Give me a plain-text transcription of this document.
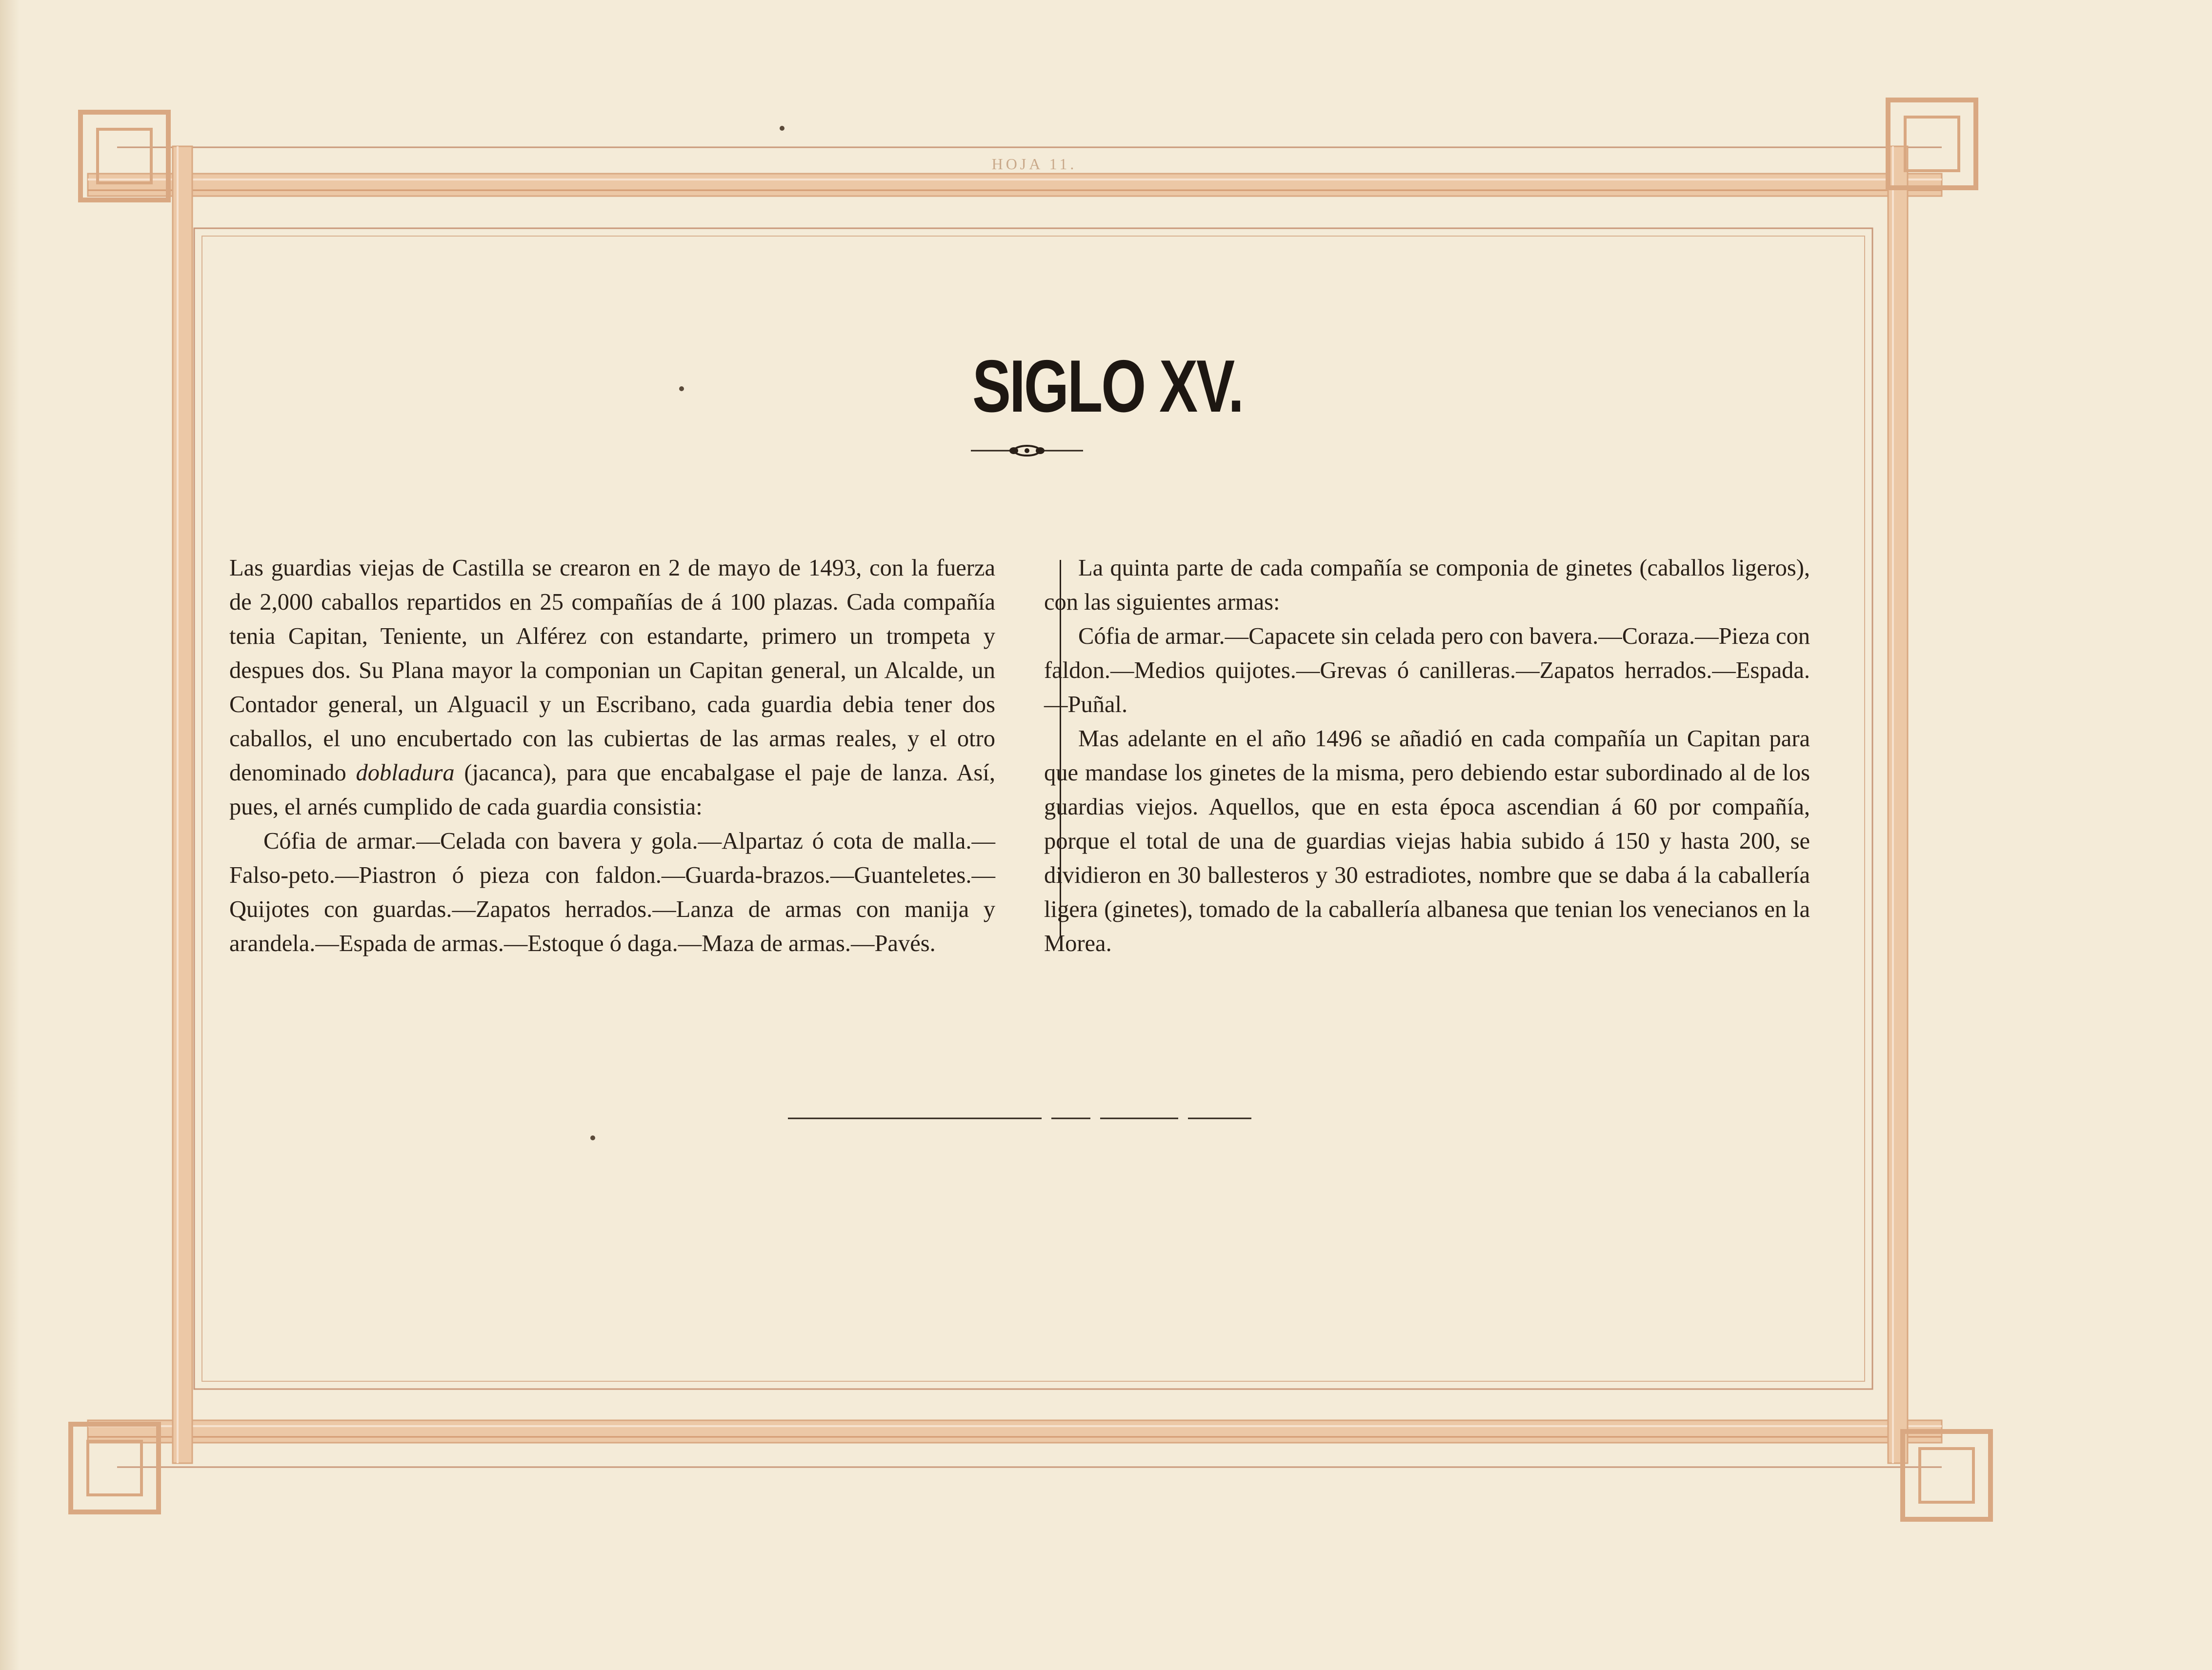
HOJA 11.
SIGLO XV.

Las guardias viejas de Castilla se crearon en 2 de mayo de 1493, con la fuerza de 2,000 caballos repartidos en 25 compañías de á 100 plazas. Cada compañía tenia Capitan, Teniente, un Alférez con estandarte, primero un trompeta y despues dos. Su Plana mayor la componian un Capitan general, un Alcalde, un Contador general, un Alguacil y un Escribano, cada guardia debia tener dos caballos, el uno encubertado con las cubiertas de las armas reales, y el otro denominado dobladura (jacanca), para que encabalgase el paje de lanza. Así, pues, el arnés cumplido de cada guardia consistia:

Cófia de armar.—Celada con bavera y gola.—Alpartaz ó cota de malla.—Falso-peto.—Piastron ó pieza con faldon.—Guarda-brazos.—Guanteletes.—Quijotes con guardas.—Zapatos herrados.—Lanza de armas con manija y arandela.—Espada de armas.—Estoque ó daga.—Maza de armas.—Pavés.

La quinta parte de cada compañía se componia de ginetes (caballos ligeros), con las siguientes armas:

Cófia de armar.—Capacete sin celada pero con bavera.—Coraza.—Pieza con faldon.—Medios quijotes.—Grevas ó canilleras.—Zapatos herrados.—Espada.—Puñal.

Mas adelante en el año 1496 se añadió en cada compañía un Capitan para que mandase los ginetes de la misma, pero debiendo estar subordinado al de los guardias viejos. Aquellos, que en esta época ascendian á 60 por compañía, porque el total de una de guardias viejas habia subido á 150 y hasta 200, se dividieron en 30 ballesteros y 30 estradiotes, nombre que se daba á la caballería ligera (ginetes), tomado de la caballería albanesa que tenian los venecianos en la Morea.
